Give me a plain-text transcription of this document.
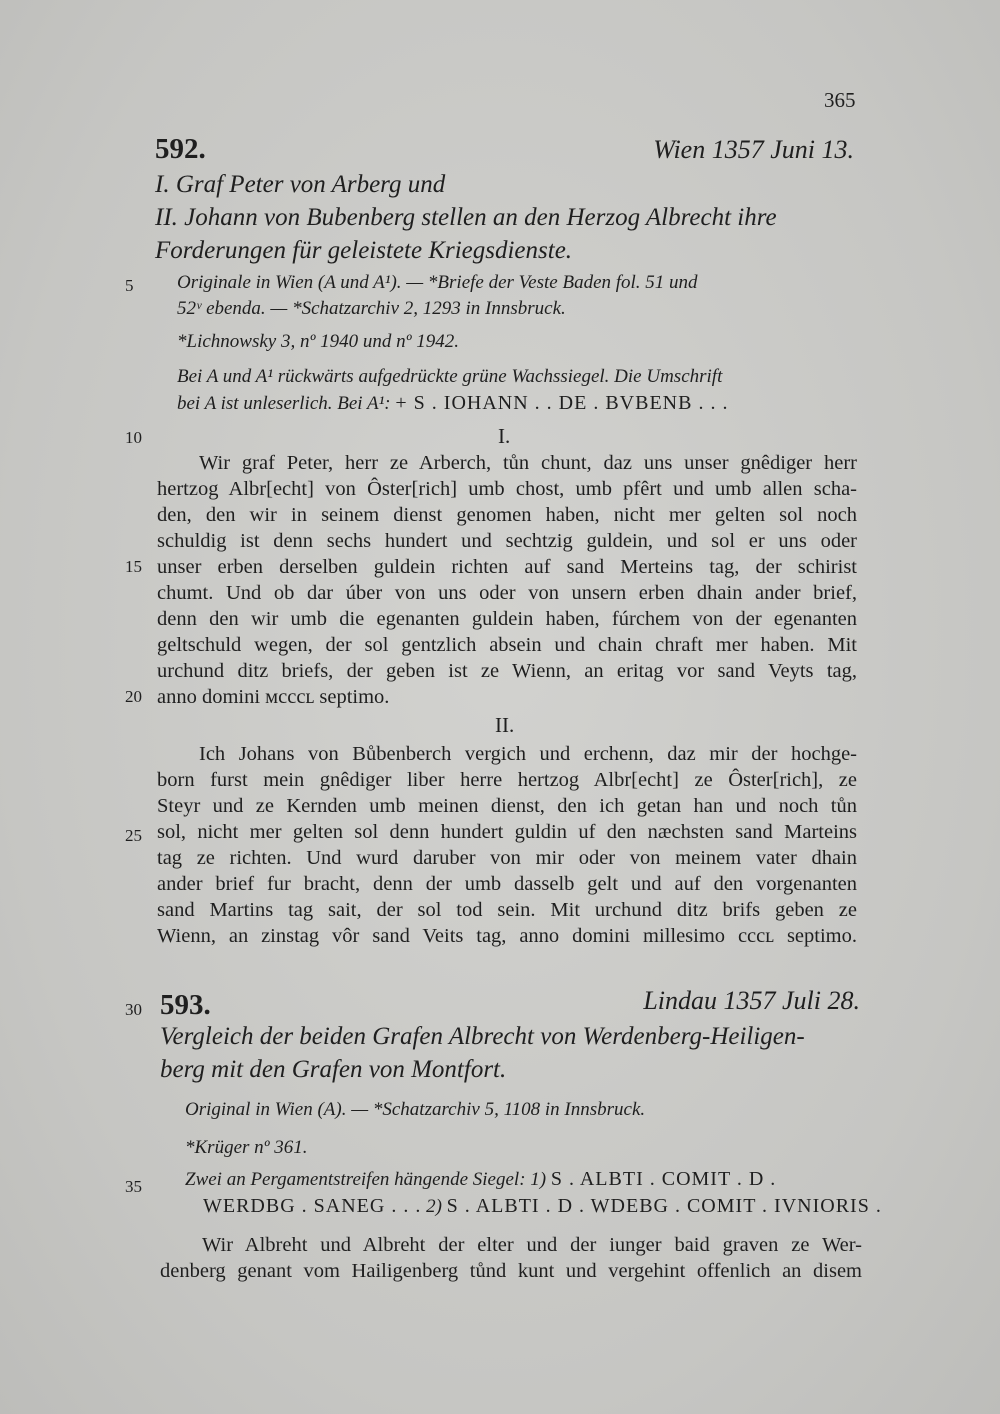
365
592.	Wien 1357 Juni 13.
I. Graf Peter von Arberg und
II. Johann von Bubenberg stellen an den Herzog Albrecht ihre
Forderungen für geleistete Kriegsdienste.
5	Originale in Wien (A und A¹). — *Briefe der Veste Baden fol. 51 und
52ᵛ ebenda. — *Schatzarchiv 2, 1293 in Innsbruck.
*Lichnowsky 3, nº 1940 und nº 1942.
Bei A und A¹ rückwärts aufgedrückte grüne Wachssiegel. Die Umschrift
bei A ist unleserlich. Bei A¹: + S . IOHANN . . DE . BVBENB . . .
10	I.
Wir graf Peter, herr ze Arberch, tůn chunt, daz uns unser gnêdiger herr
hertzog Albr[echt] von Ôster[rich] umb chost, umb pfêrt und umb allen scha-
den, den wir in seinem dienst genomen haben, nicht mer gelten sol noch
schuldig ist denn sechs hundert und sechtzig guldein, und sol er uns oder
unser erben derselben guldein richten auf sand Merteins tag, der schirist
chumt. Und ob dar úber von uns oder von unsern erben dhain ander brief,
denn den wir umb die egenanten guldein haben, fúrchem von der egenanten
geltschuld wegen, der sol gentzlich absein und chain chraft mer haben. Mit
urchund ditz briefs, der geben ist ze Wienn, an eritag vor sand Veyts tag,
anno domini ᴍcccʟ septimo.
15
20
II.
Ich Johans von Bůbenberch vergich und erchenn, daz mir der hochge-
born furst mein gnêdiger liber herre hertzog Albr[echt] ze Ôster[rich], ze
Steyr und ze Kernden umb meinen dienst, den ich getan han und noch tůn
sol, nicht mer gelten sol denn hundert guldin uf den næchsten sand Marteins
tag ze richten. Und wurd daruber von mir oder von meinem vater dhain
ander brief fur bracht, denn der umb dasselb gelt und auf den vorgenanten
sand Martins tag sait, der sol tod sein. Mit urchund ditz brifs geben ze
Wienn, an zinstag vôr sand Veits tag, anno domini millesimo cccʟ septimo.
25
30 593.	Lindau 1357 Juli 28.
Vergleich der beiden Grafen Albrecht von Werdenberg-Heiligen-
berg mit den Grafen von Montfort.
Original in Wien (A). — *Schatzarchiv 5, 1108 in Innsbruck.
*Krüger nº 361.
35	Zwei an Pergamentstreifen hängende Siegel: 1) S . ALBTI . COMIT . D .
WERDBG . SANEG . . . 2) S . ALBTI . D . WDEBG . COMIT . IVNIORIS .
Wir Albreht und Albreht der elter und der iunger baid graven ze Wer-
denberg genant vom Hailigenberg tůnd kunt und vergehint offenlich an disem
